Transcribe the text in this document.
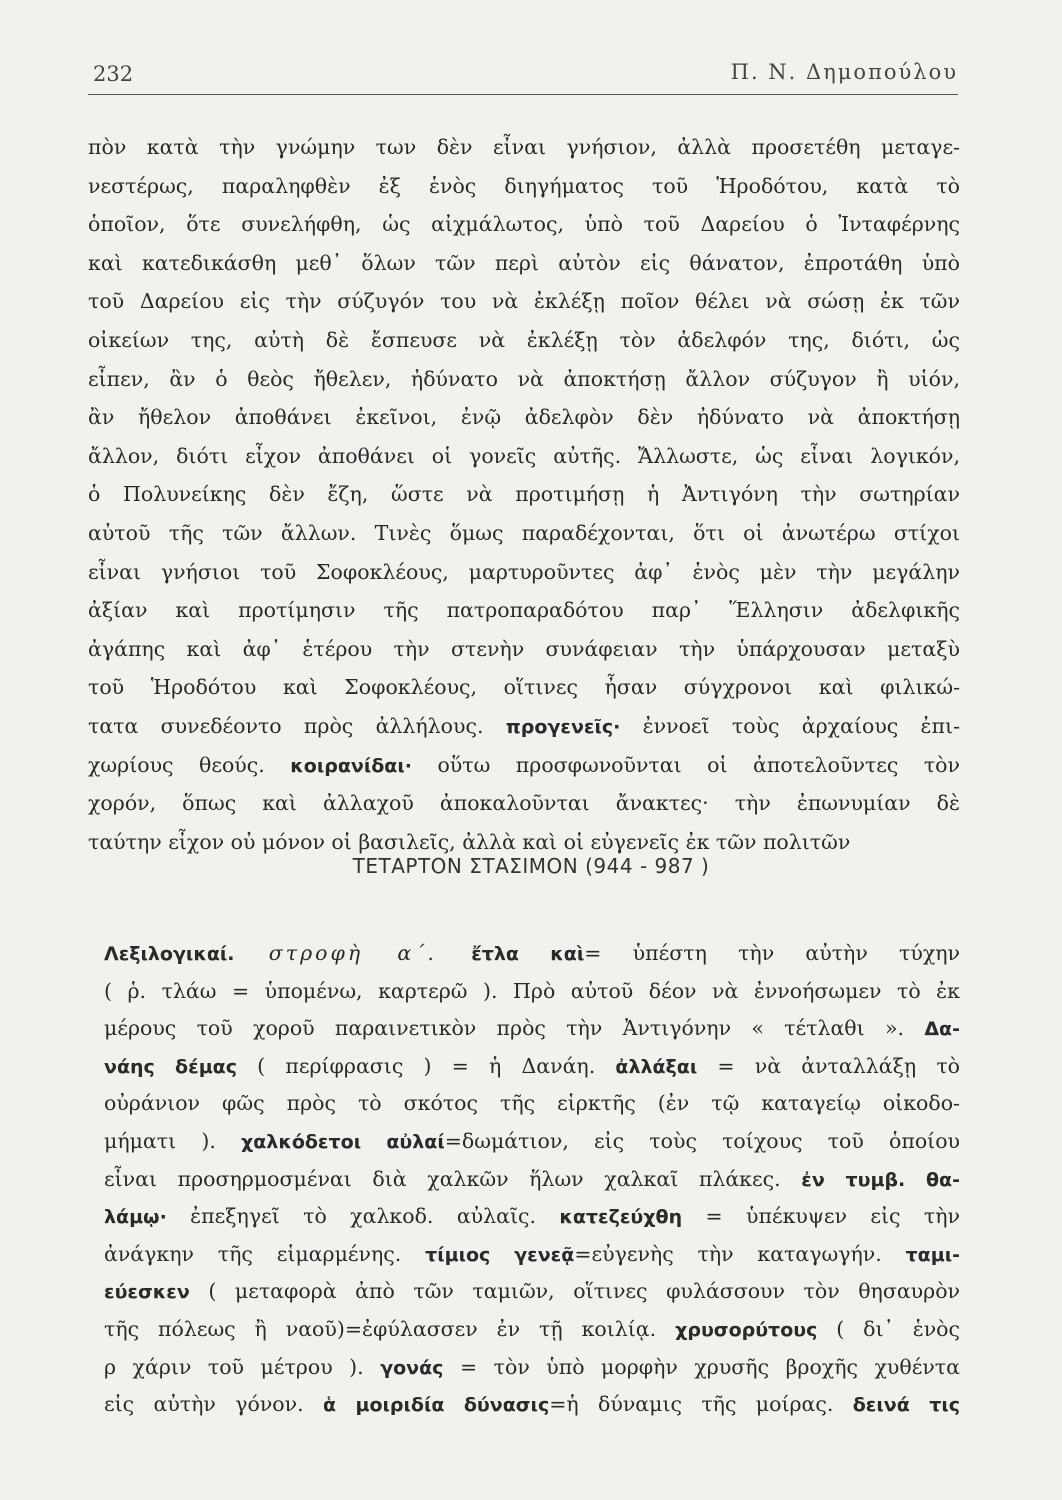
232	Π. Ν. Δημοπούλου
πὸν κατὰ τὴν γνώμην των δὲν εἶναι γνήσιον, ἀλλὰ προσετέθη μεταγε-
νεστέρως, παραληφθὲν ἐξ ἑνὸς διηγήματος τοῦ Ἡροδότου, κατὰ τὸ
ὁποῖον, ὅτε συνελήφθη, ὡς αἰχμάλωτος, ὑπὸ τοῦ Δαρείου ὁ Ἰνταφέρνης
καὶ κατεδικάσθη μεθ᾽ ὅλων τῶν περὶ αὐτὸν εἰς θάνατον, ἐπροτάθη ὑπὸ
τοῦ Δαρείου εἰς τὴν σύζυγόν του νὰ ἐκλέξῃ ποῖον θέλει νὰ σώσῃ ἐκ τῶν
οἰκείων της, αὐτὴ δὲ ἔσπευσε νὰ ἐκλέξῃ τὸν ἀδελφόν της, διότι, ὡς
εἶπεν, ἂν ὁ θεὸς ἤθελεν, ἠδύνατο νὰ ἀποκτήσῃ ἄλλον σύζυγον ἢ υἱόν,
ἂν ἤθελον ἀποθάνει ἐκεῖνοι, ἐνῷ ἀδελφὸν δὲν ἠδύνατο νὰ ἀποκτήσῃ
ἄλλον, διότι εἶχον ἀποθάνει οἱ γονεῖς αὐτῆς. Ἄλλωστε, ὡς εἶναι λογικόν,
ὁ Πολυνείκης δὲν ἔζη, ὥστε νὰ προτιμήσῃ ἡ Ἀντιγόνη τὴν σωτηρίαν
αὐτοῦ τῆς τῶν ἄλλων. Τινὲς ὅμως παραδέχονται, ὅτι οἱ ἀνωτέρω στίχοι
εἶναι γνήσιοι τοῦ Σοφοκλέους, μαρτυροῦντες ἀφ᾽ ἑνὸς μὲν τὴν μεγάλην
ἀξίαν καὶ προτίμησιν τῆς πατροπαραδότου παρ᾽ Ἕλλησιν ἀδελφικῆς
ἀγάπης καὶ ἀφ᾽ ἑτέρου τὴν στενὴν συνάφειαν τὴν ὑπάρχουσαν μεταξὺ
τοῦ Ἡροδότου καὶ Σοφοκλέους, οἵτινες ἦσαν σύγχρονοι καὶ φιλικώ-
τατα συνεδέοντο πρὸς ἀλλήλους. προγενεῖς· ἐννοεῖ τοὺς ἀρχαίους ἐπι-
χωρίους θεούς. κοιρανίδαι· οὕτω προσφωνοῦνται οἱ ἀποτελοῦντες τὸν
χορόν, ὅπως καὶ ἀλλαχοῦ ἀποκαλοῦνται ἄνακτες· τὴν ἐπωνυμίαν δὲ
ταύτην εἶχον οὐ μόνον οἱ βασιλεῖς, ἀλλὰ καὶ οἱ εὐγενεῖς ἐκ τῶν πολιτῶν
ΤΕΤΑΡΤΟΝ ΣΤΑΣΙΜΟΝ (944 - 987 )
Λεξιλογικαί. στροφὴ α΄. ἔτλα καὶ= ὑπέστη τὴν αὐτὴν τύχην
( ῥ. τλάω = ὑπομένω, καρτερῶ ). Πρὸ αὐτοῦ δέον νὰ ἐννοήσωμεν τὸ ἐκ
μέρους τοῦ χοροῦ παραινετικὸν πρὸς τὴν Ἀντιγόνην « τέτλαθι ». Δα-
νάης δέμας ( περίφρασις ) = ἡ Δανάη. ἀλλάξαι = νὰ ἀνταλλάξῃ τὸ
οὐράνιον φῶς πρὸς τὸ σκότος τῆς εἱρκτῆς (ἐν τῷ καταγείῳ οἰκοδο-
μήματι ). χαλκόδετοι αὐλαί=δωμάτιον, εἰς τοὺς τοίχους τοῦ ὁποίου
εἶναι προσηρμοσμέναι διὰ χαλκῶν ἥλων χαλκαῖ πλάκες. ἐν τυμβ. θα-
λάμῳ· ἐπεξηγεῖ τὸ χαλκοδ. αὐλαῖς. κατεζεύχθη = ὑπέκυψεν εἰς τὴν
ἀνάγκην τῆς εἱμαρμένης. τίμιος γενεᾷ=εὐγενὴς τὴν καταγωγήν. ταμι-
εύεσκεν ( μεταφορὰ ἀπὸ τῶν ταμιῶν, οἵτινες φυλάσσουν τὸν θησαυρὸν
τῆς πόλεως ἢ ναοῦ)=ἐφύλασσεν ἐν τῇ κοιλίᾳ. χρυσορύτους ( δι᾽ ἑνὸς
ρ χάριν τοῦ μέτρου ). γονάς = τὸν ὑπὸ μορφὴν χρυσῆς βροχῆς χυθέντα
εἰς αὐτὴν γόνον. ἁ μοιριδία δύνασις=ἡ δύναμις τῆς μοίρας. δεινά τις
